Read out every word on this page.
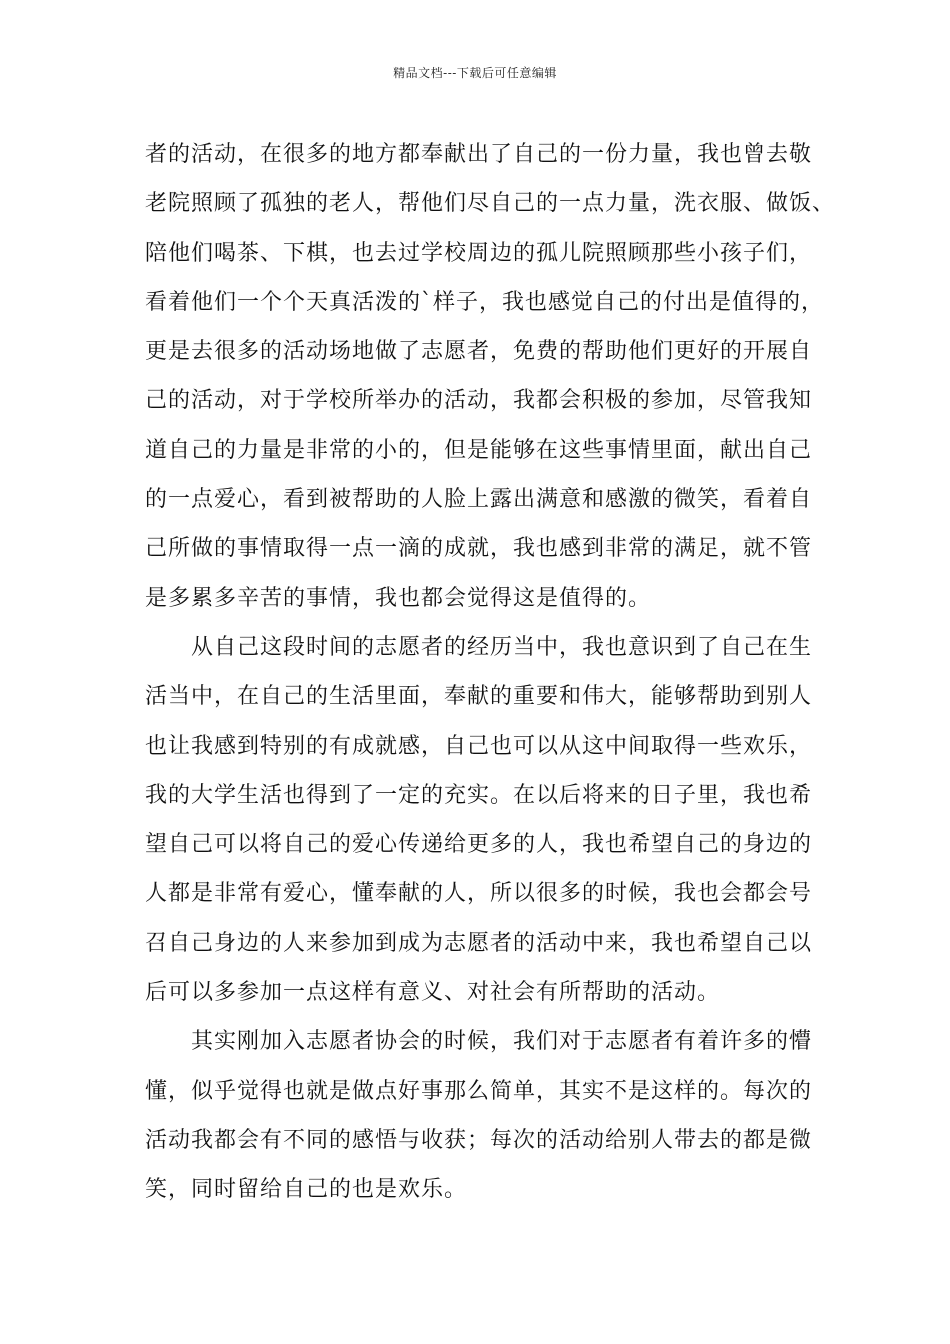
精品文档---下载后可任意编辑
者的活动，在很多的地方都奉献出了自己的一份力量，我也曾去敬
老院照顾了孤独的老人，帮他们尽自己的一点力量，洗衣服、做饭、
陪他们喝茶、下棋，也去过学校周边的孤儿院照顾那些小孩子们，
看着他们一个个天真活泼的`样子，我也感觉自己的付出是值得的，
更是去很多的活动场地做了志愿者，免费的帮助他们更好的开展自
己的活动，对于学校所举办的活动，我都会积极的参加，尽管我知
道自己的力量是非常的小的，但是能够在这些事情里面，献出自己
的一点爱心，看到被帮助的人脸上露出满意和感激的微笑，看着自
己所做的事情取得一点一滴的成就，我也感到非常的满足，就不管
是多累多辛苦的事情，我也都会觉得这是值得的。
从自己这段时间的志愿者的经历当中，我也意识到了自己在生
活当中，在自己的生活里面，奉献的重要和伟大，能够帮助到别人
也让我感到特别的有成就感，自己也可以从这中间取得一些欢乐，
我的大学生活也得到了一定的充实。在以后将来的日子里，我也希
望自己可以将自己的爱心传递给更多的人，我也希望自己的身边的
人都是非常有爱心，懂奉献的人，所以很多的时候，我也会都会号
召自己身边的人来参加到成为志愿者的活动中来，我也希望自己以
后可以多参加一点这样有意义、对社会有所帮助的活动。
其实刚加入志愿者协会的时候，我们对于志愿者有着许多的懵
懂，似乎觉得也就是做点好事那么简单，其实不是这样的。每次的
活动我都会有不同的感悟与收获；每次的活动给别人带去的都是微
笑，同时留给自己的也是欢乐。
